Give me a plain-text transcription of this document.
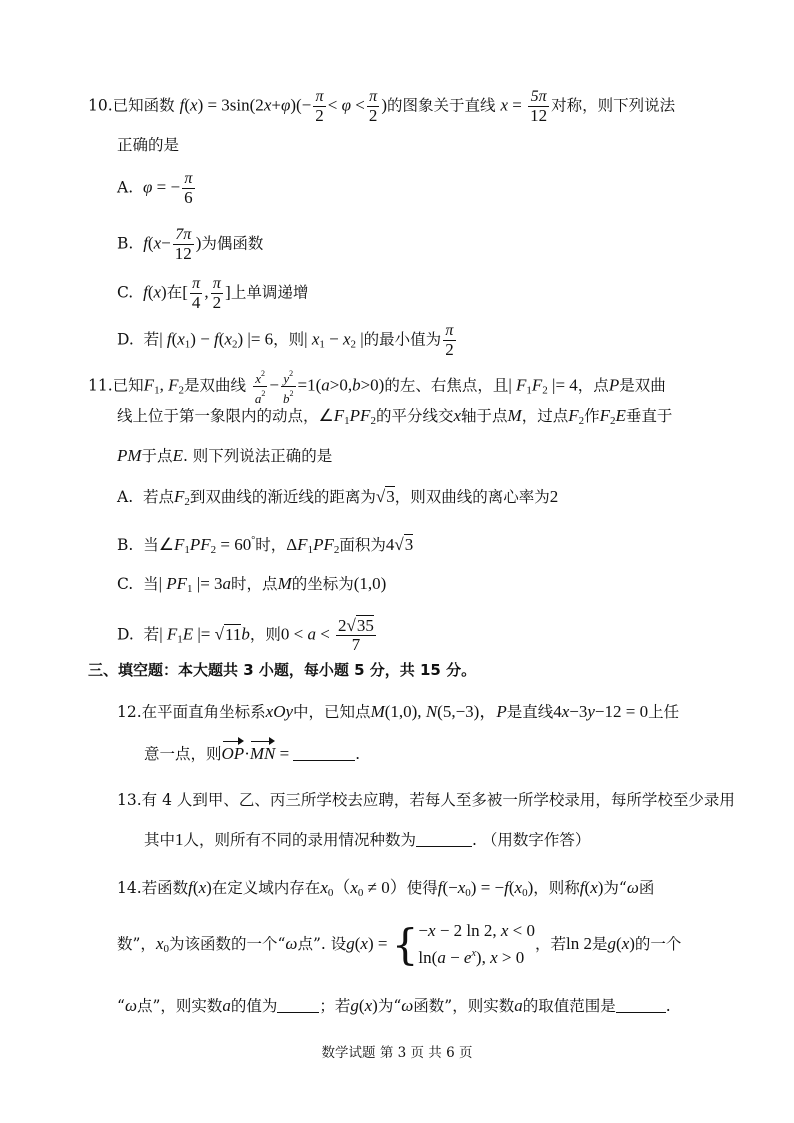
10.已知函数 $f(x) = 3\sin(2x+\varphi)(- \frac{\pi}{2} < \varphi < \frac{\pi}{2}$ )的图象关于直线 $x = \frac{5\pi}{12}$ 对称，则下列说法
正确的是
A. φ = − $\frac{\pi}{6}$
B. $f(x- \frac{7\pi}{12}$ )为偶函数
C. f(x)在[ $\frac{\pi}{4}$ , $\frac{\pi}{2}$ ]上单调递增
D. 若| $f(x_1) - f(x_2)$ |= 6，则| $x_1 - x_2$ |的最小值为 $\frac{\pi}{2}$
11.已知$F_1$, $F_2$是双曲线 $\frac{x^2}{a^2} - \frac{y^2}{b^2} =1(a>0,b>0)$的左、右焦点，且| $F_1F_2$ |= 4，点P是双曲
线上位于第一象限内的动点，$\angle F_1PF_2$的平分线交x轴于点M，过点$F_2$作$F_2E$垂直于
PM于点E. 则下列说法正确的是
A. 若点$F_2$到双曲线的渐近线的距离为√3，则双曲线的离心率为2
B. 当$\angle F_1PF_2 = 60^\circ$时，$\Delta F_1PF_2$面积为4√3
C. 当| $PF_1$ |= 3a时，点M的坐标为(1,0)
D. 若| $F_1E$ |= √11b，则$0 < a < \frac{2√35}{7}$
三、填空题：本大题共 3 小题，每小题 5 分，共 15 分。
12.在平面直角坐标系xOy中，已知点M(1,0), N(5,−3)，P是直线4x−3y−12 = 0上任
意一点，则OP·MN =	.
13.有 4 人到甲、乙、丙三所学校去应聘，若每人至多被一所学校录用，每所学校至少录用
其中1人，则所有不同的录用情况种数为	. （用数字作答）
14.若函数f(x)在定义域内存在$x_0(x_0 \ne 0)$使得$f(-x_0) = -f(x_0)$，则称f(x)为“ω函
数”，$x_0$为该函数的一个“ω点”. 设g(x) = { −x − 2 ln 2, x < 0
$\ln(a - e^x)$, x > 0
，若ln 2是g(x)的一个
“ω点”，则实数a的值为	；若g(x)为“ω函数”，则实数a的取值范围是	.
数学试题 第 3 页 共 6 页
